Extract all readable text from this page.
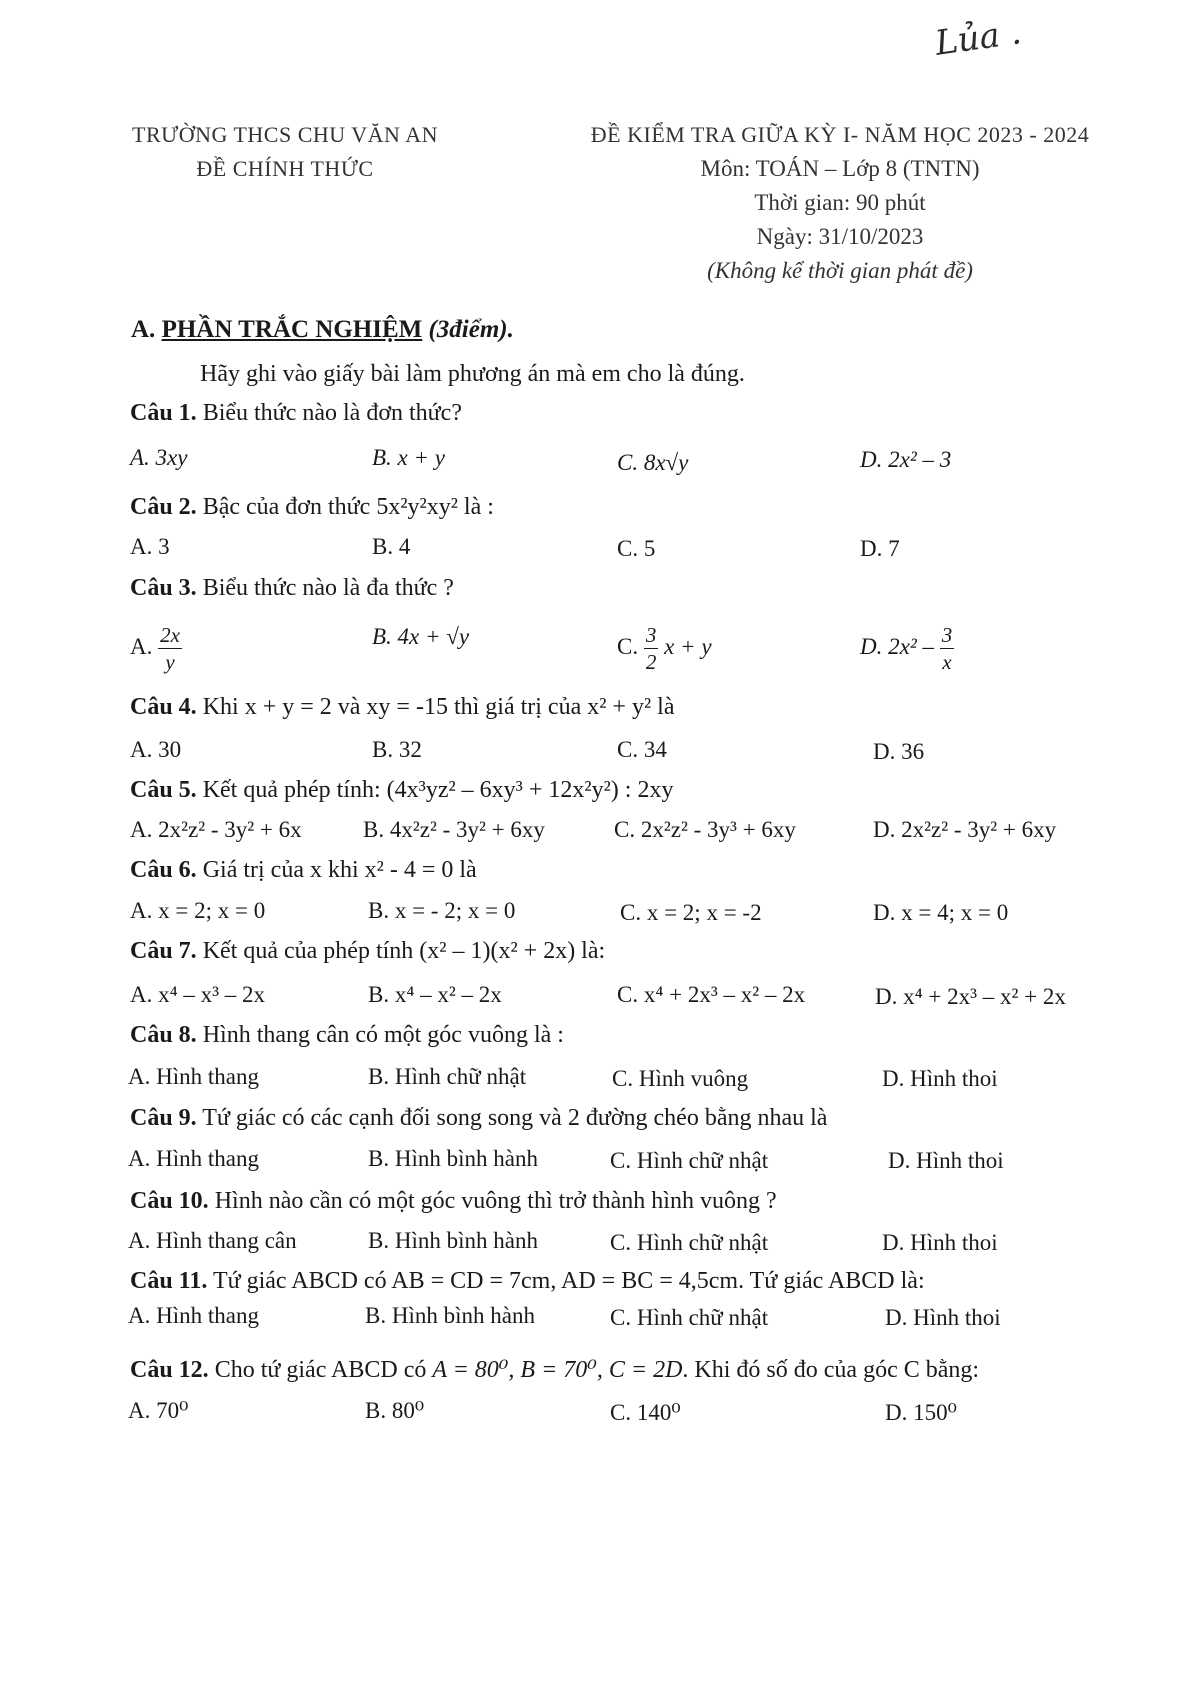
Lủa .
TRƯỜNG THCS CHU VĂN AN
ĐỀ CHÍNH THỨC
ĐỀ KIỂM TRA GIỮA KỲ I- NĂM HỌC 2023 - 2024
Môn: TOÁN – Lớp 8 (TNTN)
Thời gian: 90 phút
Ngày: 31/10/2023
(Không kể thời gian phát đề)
A. PHẦN TRẮC NGHIỆM (3điểm).
Hãy ghi vào giấy bài làm phương án mà em cho là đúng.
Câu 1. Biểu thức nào là đơn thức?
A. 3xy	B. x + y	C. 8x√y	D. 2x² – 3
Câu 2. Bậc của đơn thức 5x²y²xy² là :
A. 3	B. 4	C. 5	D. 7
Câu 3. Biểu thức nào là đa thức ?
A. $\frac{2x}{y}$	B. 4x + √y	C. $\frac{3}{2}$ x + y	D. $2x^2 - \frac{3}{x}$
Câu 4. Khi x + y = 2 và xy = -15 thì giá trị của x² + y² là
A. 30	B. 32	C. 34	D. 36
Câu 5. Kết quả phép tính: (4x³yz² – 6xy³ + 12x²y²) : 2xy
A. 2x²z² - 3y² + 6x	B. 4x²z² - 3y² + 6xy	C. 2x²z² - 3y³ + 6xy	D. 2x²z² - 3y² + 6xy
Câu 6. Giá trị của x khi x² - 4 = 0 là
A. x = 2; x = 0	B. x = - 2; x = 0	C. x = 2; x = -2	D. x = 4; x = 0
Câu 7. Kết quả của phép tính (x² – 1)(x² + 2x) là:
A. x⁴ – x³ – 2x	B. x⁴ – x² – 2x	C. x⁴ + 2x³ – x² – 2x	D. x⁴ + 2x³ – x² + 2x
Câu 8. Hình thang cân có một góc vuông là :
A. Hình thang	B. Hình chữ nhật	C. Hình vuông	D. Hình thoi
Câu 9. Tứ giác có các cạnh đối song song và 2 đường chéo bằng nhau là
A. Hình thang	B. Hình bình hành	C. Hình chữ nhật	D. Hình thoi
Câu 10. Hình nào cần có một góc vuông thì trở thành hình vuông ?
A. Hình thang cân	B. Hình bình hành	C. Hình chữ nhật	D. Hình thoi
Câu 11. Tứ giác ABCD có AB = CD = 7cm, AD = BC = 4,5cm. Tứ giác ABCD là:
A. Hình thang	B. Hình bình hành	C. Hình chữ nhật	D. Hình thoi
Câu 12. Cho tứ giác ABCD có A = 80⁰, B = 70⁰, C = 2D. Khi đó số đo của góc C bằng:
A. 70⁰	B. 80⁰	C. 140⁰	D. 150⁰
